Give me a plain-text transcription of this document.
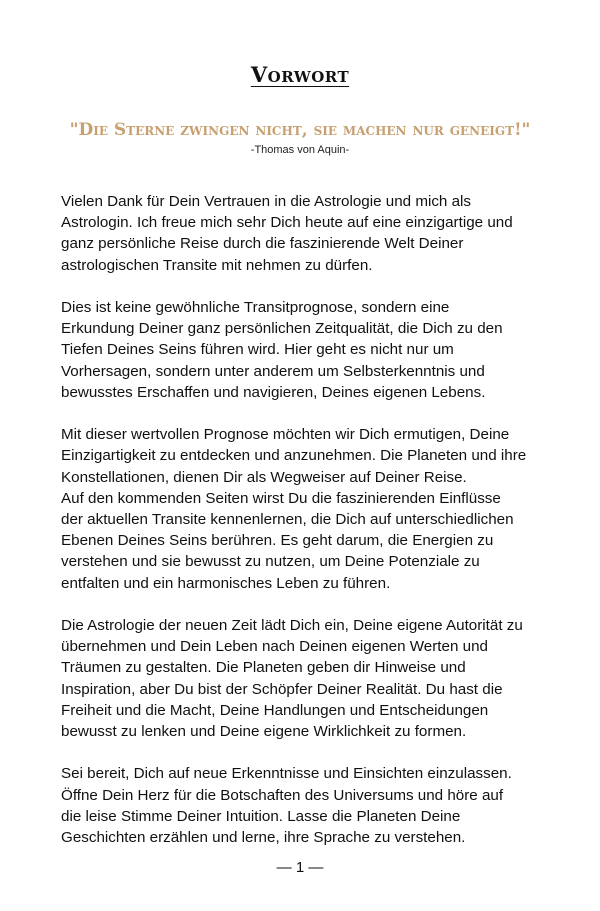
Vorwort

"Die Sterne zwingen nicht, sie machen nur geneigt!"

-Thomas von Aquin-

Vielen Dank für Dein Vertrauen in die Astrologie und mich als
Astrologin. Ich freue mich sehr Dich heute auf eine einzigartige und
ganz persönliche Reise durch die faszinierende Welt Deiner
astrologischen Transite mit nehmen zu dürfen.

Dies ist keine gewöhnliche Transitprognose, sondern eine
Erkundung Deiner ganz persönlichen Zeitqualität, die Dich zu den
Tiefen Deines Seins führen wird. Hier geht es nicht nur um
Vorhersagen, sondern unter anderem um Selbsterkenntnis und
bewusstes Erschaffen und navigieren, Deines eigenen Lebens.

Mit dieser wertvollen Prognose möchten wir Dich ermutigen, Deine
Einzigartigkeit zu entdecken und anzunehmen. Die Planeten und ihre
Konstellationen, dienen Dir als Wegweiser auf Deiner Reise.
Auf den kommenden Seiten wirst Du die faszinierenden Einflüsse
der aktuellen Transite kennenlernen, die Dich auf unterschiedlichen
Ebenen Deines Seins berühren. Es geht darum, die Energien zu
verstehen und sie bewusst zu nutzen, um Deine Potenziale zu
entfalten und ein harmonisches Leben zu führen.

Die Astrologie der neuen Zeit lädt Dich ein, Deine eigene Autorität zu
übernehmen und Dein Leben nach Deinen eigenen Werten und
Träumen zu gestalten. Die Planeten geben dir Hinweise und
Inspiration, aber Du bist der Schöpfer Deiner Realität. Du hast die
Freiheit und die Macht, Deine Handlungen und Entscheidungen
bewusst zu lenken und Deine eigene Wirklichkeit zu formen.

Sei bereit, Dich auf neue Erkenntnisse und Einsichten einzulassen.
Öffne Dein Herz für die Botschaften des Universums und höre auf
die leise Stimme Deiner Intuition. Lasse die Planeten Deine
Geschichten erzählen und lerne, ihre Sprache zu verstehen.

— 1 —
